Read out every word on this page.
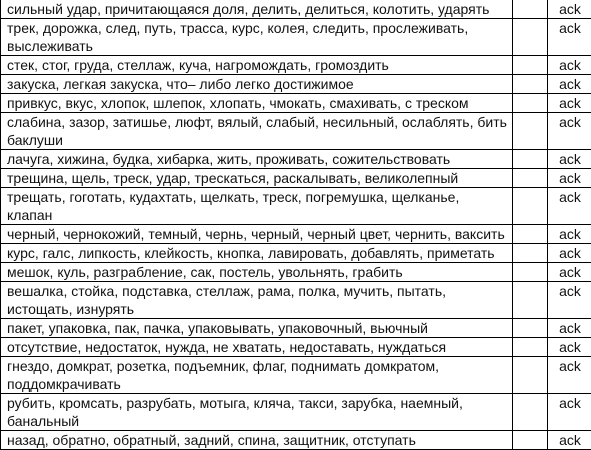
сильный удар, причитающаяся доля, делить, делиться, колотить, ударять		ack
трек, дорожка, след, путь, трасса, курс, колея, следить, прослеживать, выслеживать		ack
стек, стог, груда, стеллаж, куча, нагромождать, громоздить		ack
закуска, легкая закуска, что– либо легко достижимое		ack
привкус, вкус, хлопок, шлепок, хлопать, чмокать, смахивать, с треском		ack
слабина, зазор, затишье, люфт, вялый, слабый, несильный, ослаблять, бить баклуши		ack
лачуга, хижина, будка, хибарка, жить, проживать, сожительствовать		ack
трещина, щель, треск, удар, трескаться, раскалывать, великолепный		ack
трещать, гоготать, кудахтать, щелкать, треск, погремушка, щелканье, клапан		ack
черный, чернокожий, темный, чернь, черный, черный цвет, чернить, ваксить		ack
курс, галс, липкость, клейкость, кнопка, лавировать, добавлять, приметать		ack
мешок, куль, разграбление, сак, постель, увольнять, грабить		ack
вешалка, стойка, подставка, стеллаж, рама, полка, мучить, пытать, истощать, изнурять		ack
пакет, упаковка, пак, пачка, упаковывать, упаковочный, вьючный		ack
отсутствие, недостаток, нужда, не хватать, недоставать, нуждаться		ack
гнездо, домкрат, розетка, подъемник, флаг, поднимать домкратом, поддомкрачивать		ack
рубить, кромсать, разрубать, мотыга, кляча, такси, зарубка, наемный, банальный		ack
назад, обратно, обратный, задний, спина, защитник, отступать		ack
